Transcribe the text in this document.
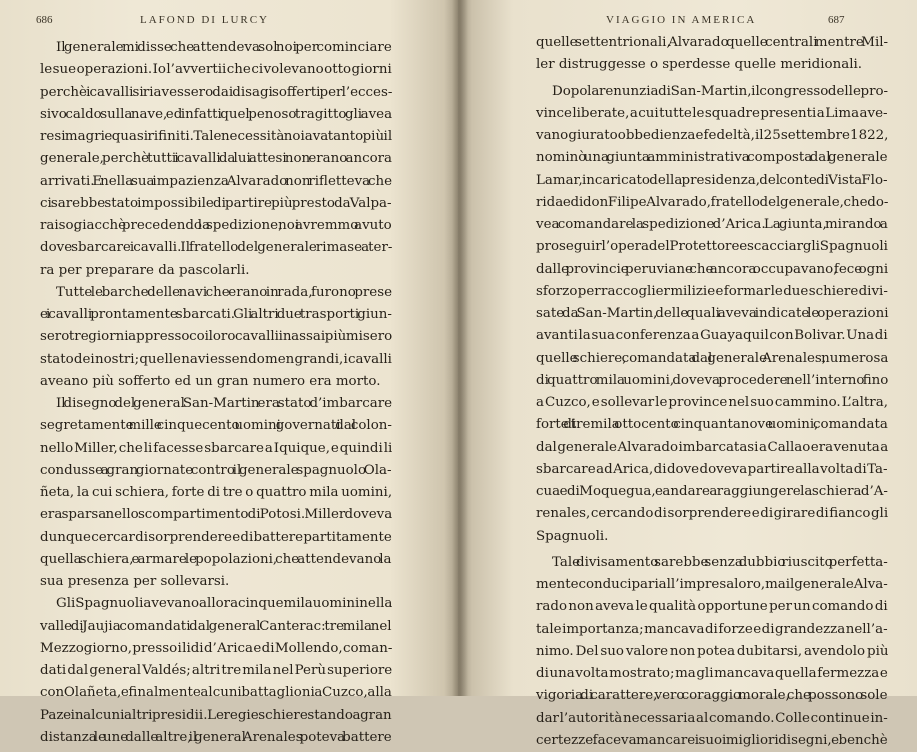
686	LAFOND DI LURCY
Il generale mi disse che attendeva sol noi per cominciare
le sue operazioni. Io l’avvertii che ci volevano otto giorni
perchè i cavalli si riavessero dai disagi sofferti per l’ecces-
sivo caldo sulla nave, ed infatti quel penoso tragitto gli avea
resi magri e quasi rifiniti. Tale necessità noiava tanto più il
generale, perchè tutti i cavalli da lui attesi non erano ancora
arrivati. E nella sua impazienza Alvarado non rifletteva che
ci sarebbe stato impossibile di partire più presto da Valpa-
raiso, giacchè precedendo la spedizione, noi avremmo avuto
dove sbarcare i cavalli. Il fratello del generale rimase a ter-
ra per preparare da pascolarli.
Tutte le barche delle navi che erano in rada, furono prese
e i cavalli prontamente sbarcati. Gli altri due trasporti giun-
sero tre giorni appresso coi loro cavalli in assai più misero
stato dei nostri; quelle navi essendo men grandi, i cavalli
aveano più sofferto ed un gran numero era morto.
Il disegno del general San-Martin era stato d’imbarcare
segretamente mille cinquecento uomini governati dal colon-
nello Miller, che li facesse sbarcare a Iquique, e quindi li
condusse a gran giornate contro il generale spagnuolo Ola-
ñeta, la cui schiera, forte di tre o quattro mila uomini,
era sparsa nello scompartimento di Potosi. Miller doveva
dunque cercar di sorprendere e di battere partitamente
quella schiera, e armare le popolazioni, che attendevano la
sua presenza per sollevarsi.
Gli Spagnuoli avevano allora cinque mila uomini nella
valle di Jaujia comandati dal general Canterac: tre mila nel
Mezzogiorno, presso i lidi d’ Arica e di Mollendo, coman-
dati dal general Valdés; altri tre mila nel Perù superiore
con Olañeta, e finalmente alcuni battaglioni a Cuzco, alla
Paz e in alcuni altri presidii. Le regie schiere stando a gran
distanza le une dalle altre, il general Arenales poteva battere
VIAGGIO IN AMERICA	687
quelle settentrionali, Alvarado quelle centrali mentre Mil-
ler distruggesse o sperdesse quelle meridionali.
Dopo la renunzia di San-Martin, il congresso delle pro-
vince liberate, a cui tutte le squadre presenti a Lima ave-
vano giurato obbedienza e fedeltà, il 25 settembre 1822,
nominò una giunta amministrativa composta dal generale
Lamar, incaricato della presidenza, del conte di Vista Flo-
rida e di don Filipe Alvarado, fratello del generale, che do-
vea comandare la spedizione d’Arica. La giunta, mirando a
proseguir l’opera del Protettore e scacciar gli Spagnuoli
dalle provincie peruviane che ancora occupavano, fece ogni
sforzo per raccoglier milizie e formar le due schiere divi-
sate da San-Martin, delle quali aveva indicate le operazioni
avanti la sua conferenza a Guayaquil con Bolivar. Una di
quelle schiere, comandata dal generale Arenales, numerosa
di quattro mila uomini, doveva procedere nell’interno fino
a Cuzco, e sollevar le province nel suo cammino. L’altra,
forte di tremila ottocento cinquantanove uomini, comandata
dal generale Alvarado imbarcatasi a Callao era venuta a
sbarcare ad Arica, di dove doveva partire alla volta di Ta-
cua e di Moquegua, e andare a raggiungere la schiera d’A-
renales, cercando di sorprendere e di girare di fianco gli
Spagnuoli.
Tale divisamento sarebbe senza dubbio riuscito perfetta-
mente con duci pari all’impresa loro, ma il generale Alva-
rado non aveva le qualità opportune per un comando di
tale importanza; mancava di forze e di grandezza nell’a-
nimo. Del suo valore non potea dubitarsi, avendolo più
di una volta mostrato; ma gli mancava quella fermezza e
vigoria di carattere, vero coraggio morale, che possono sole
dar l’autorità necessaria al comando. Colle continue in-
certezze faceva mancare i suoi migliori disegni, e benchè
